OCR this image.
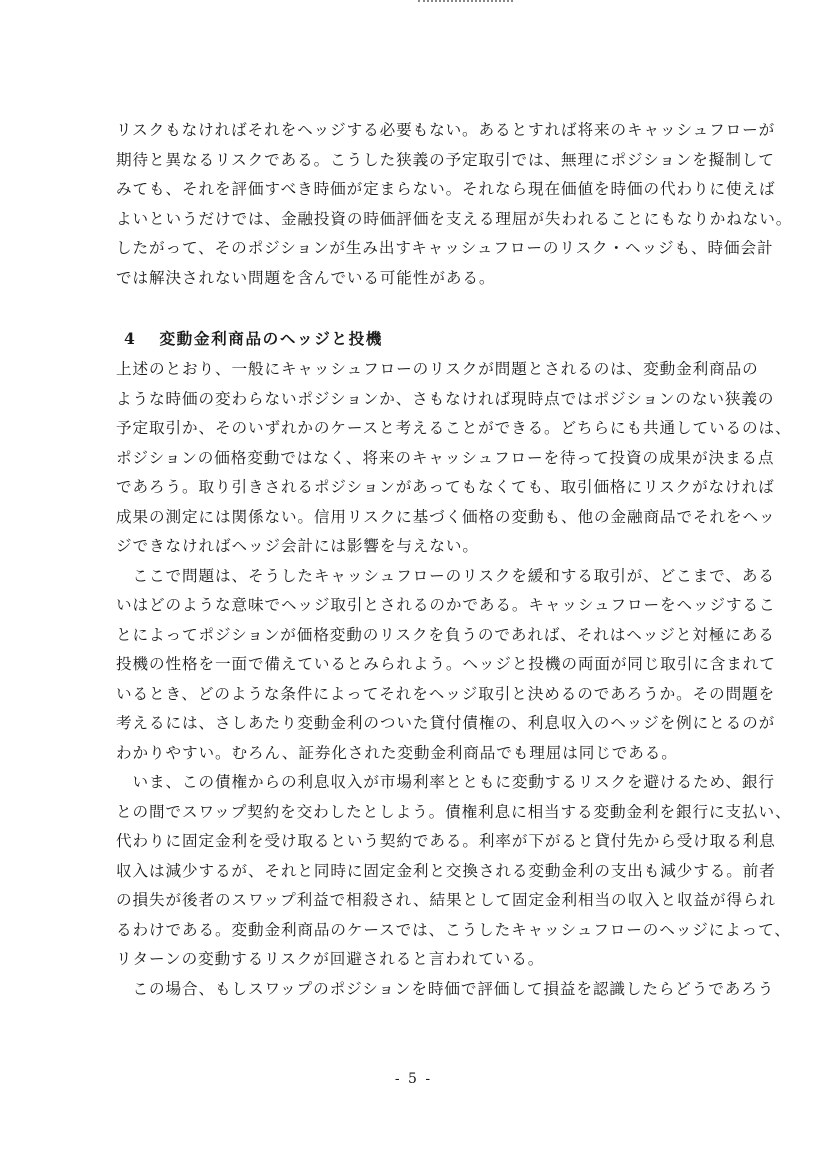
リスクもなければそれをヘッジする必要もない。あるとすれば将来のキャッシュフローが
期待と異なるリスクである。こうした狭義の予定取引では、無理にポジションを擬制して
みても、それを評価すべき時価が定まらない。それなら現在価値を時価の代わりに使えば
よいというだけでは、金融投資の時価評価を支える理屈が失われることにもなりかねない。
したがって、そのポジションが生み出すキャッシュフローのリスク・ヘッジも、時価会計
では解決されない問題を含んでいる可能性がある。
4 変動金利商品のヘッジと投機
上述のとおり、一般にキャッシュフローのリスクが問題とされるのは、変動金利商品の
ような時価の変わらないポジションか、さもなければ現時点ではポジションのない狭義の
予定取引か、そのいずれかのケースと考えることができる。どちらにも共通しているのは、
ポジションの価格変動ではなく、将来のキャッシュフローを待って投資の成果が決まる点
であろう。取り引きされるポジションがあってもなくても、取引価格にリスクがなければ
成果の測定には関係ない。信用リスクに基づく価格の変動も、他の金融商品でそれをヘッ
ジできなければヘッジ会計には影響を与えない。
　ここで問題は、そうしたキャッシュフローのリスクを緩和する取引が、どこまで、ある
いはどのような意味でヘッジ取引とされるのかである。キャッシュフローをヘッジするこ
とによってポジションが価格変動のリスクを負うのであれば、それはヘッジと対極にある
投機の性格を一面で備えているとみられよう。ヘッジと投機の両面が同じ取引に含まれて
いるとき、どのような条件によってそれをヘッジ取引と決めるのであろうか。その問題を
考えるには、さしあたり変動金利のついた貸付債権の、利息収入のヘッジを例にとるのが
わかりやすい。むろん、証券化された変動金利商品でも理屈は同じである。
　いま、この債権からの利息収入が市場利率とともに変動するリスクを避けるため、銀行
との間でスワップ契約を交わしたとしよう。債権利息に相当する変動金利を銀行に支払い、
代わりに固定金利を受け取るという契約である。利率が下がると貸付先から受け取る利息
収入は減少するが、それと同時に固定金利と交換される変動金利の支出も減少する。前者
の損失が後者のスワップ利益で相殺され、結果として固定金利相当の収入と収益が得られ
るわけである。変動金利商品のケースでは、こうしたキャッシュフローのヘッジによって、
リターンの変動するリスクが回避されると言われている。
　この場合、もしスワップのポジションを時価で評価して損益を認識したらどうであろう
- 5 -
